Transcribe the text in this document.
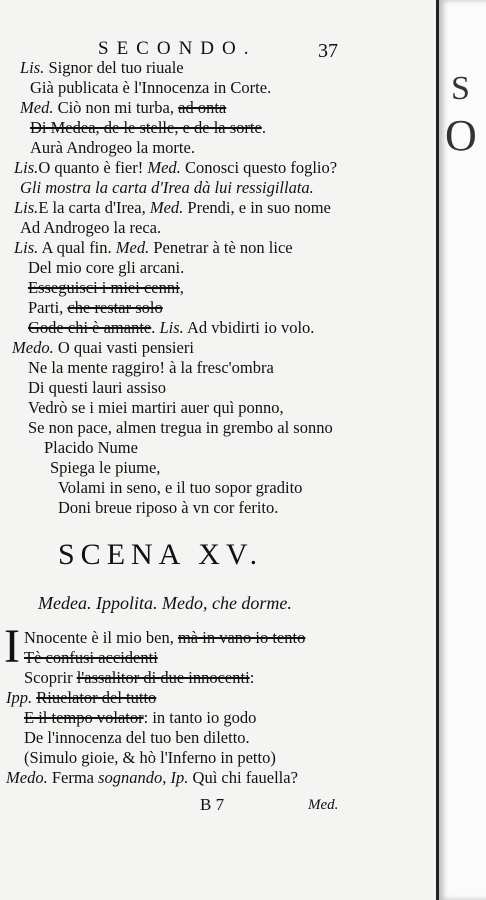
SECONDO.	37
Lis. Signor del tuo riuale
Già publicata è l'Innocenza in Corte.
Med. Ciò non mi turba, ad onta
Di Medea, de le stelle, e de la sorte.
Aurà Androgeo la morte.
Lis.O quanto è fier! Med. Conosci questo foglio?
Gli mostra la carta d'Irea dà lui ressigillata.
Lis.E la carta d'Irea, Med. Prendi, e in suo nome
Ad Androgeo la reca.
Lis. A qual fin. Med. Penetrar à tè non lice
Del mio core gli arcani.
Esseguisci i miei cenni,
Parti, che restar solo
Gode chi è amante. Lis. Ad vbidirti io volo.
Medo. O quai vasti pensieri
Ne la mente raggiro! à la fresc'ombra
Di questi lauri assiso
Vedrò se i miei martiri auer quì ponno,
Se non pace, almen tregua in grembo al sonno
Placido Nume
Spiega le piume,
Volami in seno, e il tuo sopor gradito
Doni breue riposo à vn cor ferito.
SCENA XV.
Medea. Ippolita. Medo, che dorme.
I Nnocente è il mio ben, mà in vano io tento
Tè confusi accidenti
Scoprir l'assalitor di due innocenti:
Ipp. Riuelator del tutto
E il tempo volator: in tanto io godo
De l'innocenza del tuo ben diletto.
(Simulo gioie, & hò l'Inferno in petto)
Medo. Ferma sognando, Ip. Quì chi fauella?
B 7	Med.
S
O
